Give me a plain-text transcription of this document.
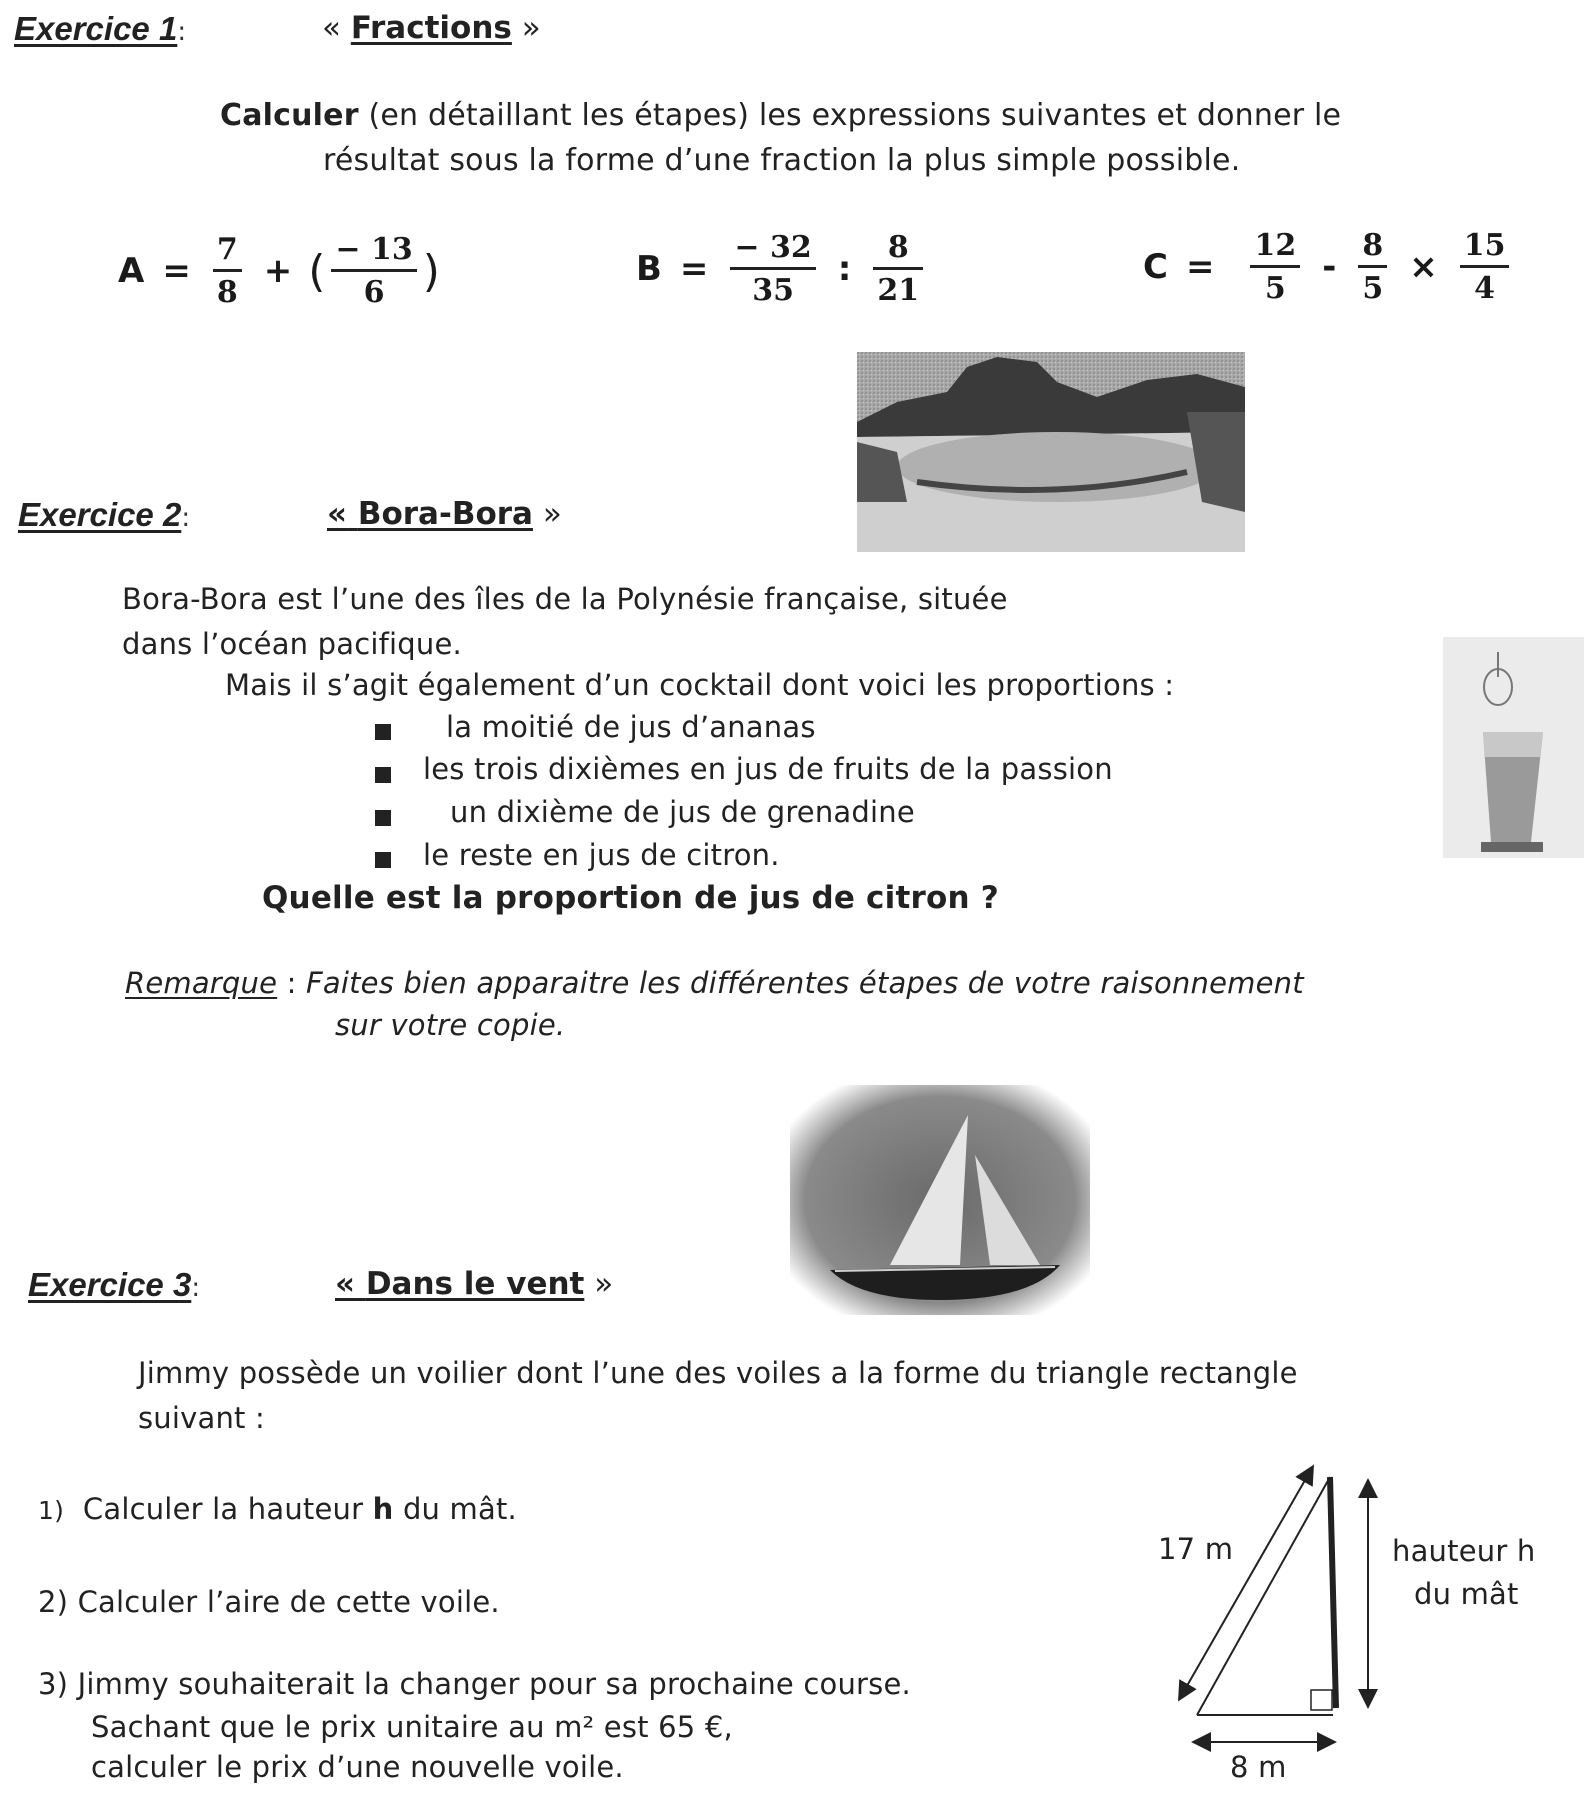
Exercice 1:	« Fractions »
Calculer (en détaillant les étapes) les expressions suivantes et donner le
résultat sous la forme d’une fraction la plus simple possible.
$A = \frac{7}{8}$ + ( $\frac{- 13}{6}$ )	$B = \frac{- 32}{35}$ : $\frac{8}{21}$	$C = \frac{12}{5} - \frac{8}{5} \times \frac{15}{4}$
Exercice 2:	« Bora-Bora »
Bora-Bora est l’une des îles de la Polynésie française, située
dans l’océan pacifique.
Mais il s’agit également d’un cocktail dont voici les proportions :
la moitié de jus d’ananas
les trois dixièmes en jus de fruits de la passion
un dixième de jus de grenadine
le reste en jus de citron.
Quelle est la proportion de jus de citron ?
Remarque : Faites bien apparaitre les différentes étapes de votre raisonnement
sur votre copie.
Exercice 3:	« Dans le vent »
Jimmy possède un voilier dont l’une des voiles a la forme du triangle rectangle
suivant :
1) Calculer la hauteur h du mât.
2) Calculer l’aire de cette voile.
3) Jimmy souhaiterait la changer pour sa prochaine course.
Sachant que le prix unitaire au m² est 65 €,
calculer le prix d’une nouvelle voile.
17 m
8 m
hauteur h
du mât
